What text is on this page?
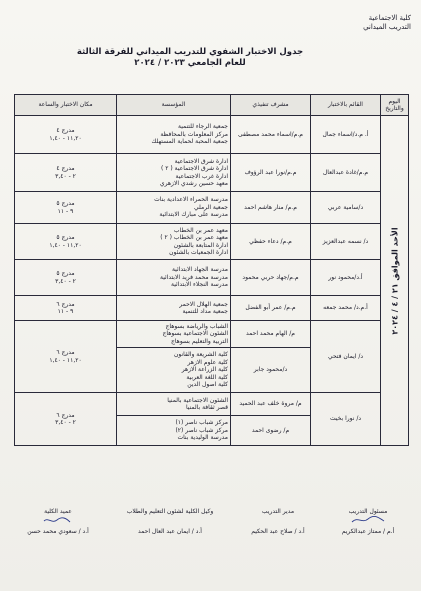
كلية الاجتماعية
التدريب الميداني
جدول الاختبار الشفوي للتدريب الميداني للفرقة الثالثة
للعام الجامعي ٢٠٢٣ / ٢٠٢٤
اليوم والتاريخ	القائم بالاختبار	مشرف تنفيذي	المؤسسة	مكان الاختبار والساعة

الأحد الموافق ٢١ / ٤ / ٢٠٢٤	أ. م.د/اسماء جمال	م.م/اسماء محمد مصطفى	جمعية الرجاء للتنمية
مركز المعلومات بالمحافظة
جمعية المحبة لحماية المستهلك	مدرج ٤
١١,٢٠ - ١,٤٠

	م.م/غادة عبدالعال	م.م/نورا عبد الرؤوف	ادارة شرق الاجتماعية
ادارة شرق الاجتماعية ( ٢ )
ادارة غرب الاجتماعية
معهد حسين رشدي الازهري	مدرج ٤
٢ - ٣,٤٠

	د/سامية عربي	م.م/ منار هاشم احمد	مدرسة الحمراء الاعدادية بنات
جمعية الرملي
مدرسة على مبارك الابتدائية	مدرج ٥
٩ - ١١

	د/ نسمه عبدالعزيز	م.م/ دعاء حفظي	معهد عمر بن الخطاب
معهد عمر بن الخطاب ( ٢ )
ادارة المتابعة بالشئون
ادارة الجمعيات بالشئون	مدرج ٥
١١,٢٠ - ١,٤٠

	أ.د/محمود نور	م.م/جهاد حربي محمود	مدرسة الجهاد الابتدائية
مدرسة محمد فريد الابتدائية
مدرسة النجلاء الابتدائية	مدرج ٥
٢ - ٣,٤٠

	أ.م.د/ محمد جمعه	م.م/ عمر أبو الفضل	جمعية الهلال الاحمر
جمعية مداد للتنمية	مدرج ٦
٩ - ١١

	د/ ايمان فتحي	م/ الهام محمد احمد	الشباب والرياضة بسوهاج
الشئون الاجتماعية بسوهاج
التربية والتعليم بسوهاج	مدرج ٦
١١,٢٠ - ١,٤٠

		د/محمود جابر	كلية الشريعة والقانون
كلية علوم الازهر
كلية الزراعة الازهر
كلية اللغة العربية
كلية اصول الدين	

	د/ نورا بخيت	م/ مروة خلف عبد الحميد	الشئون الاجتماعية بالمنيا
قصر ثقافة بالمنيا	مدرج ٦
٢ - ٣,٤٠

		م/ رضوى احمد	مركز شباب ناصر (١)
مركز شباب ناصر (٢)
مدرسة الوليدية بنات	
مسئول التدريب
أ.م / ممتاز عبدالكريم
مدير التدريب
أ.د / صلاح عبد الحكيم
وكيل الكلية لشئون التعليم والطلاب
أ.د / ايمان عبد العال احمد
عميد الكلية
أ.د / سعودي محمد حسن
